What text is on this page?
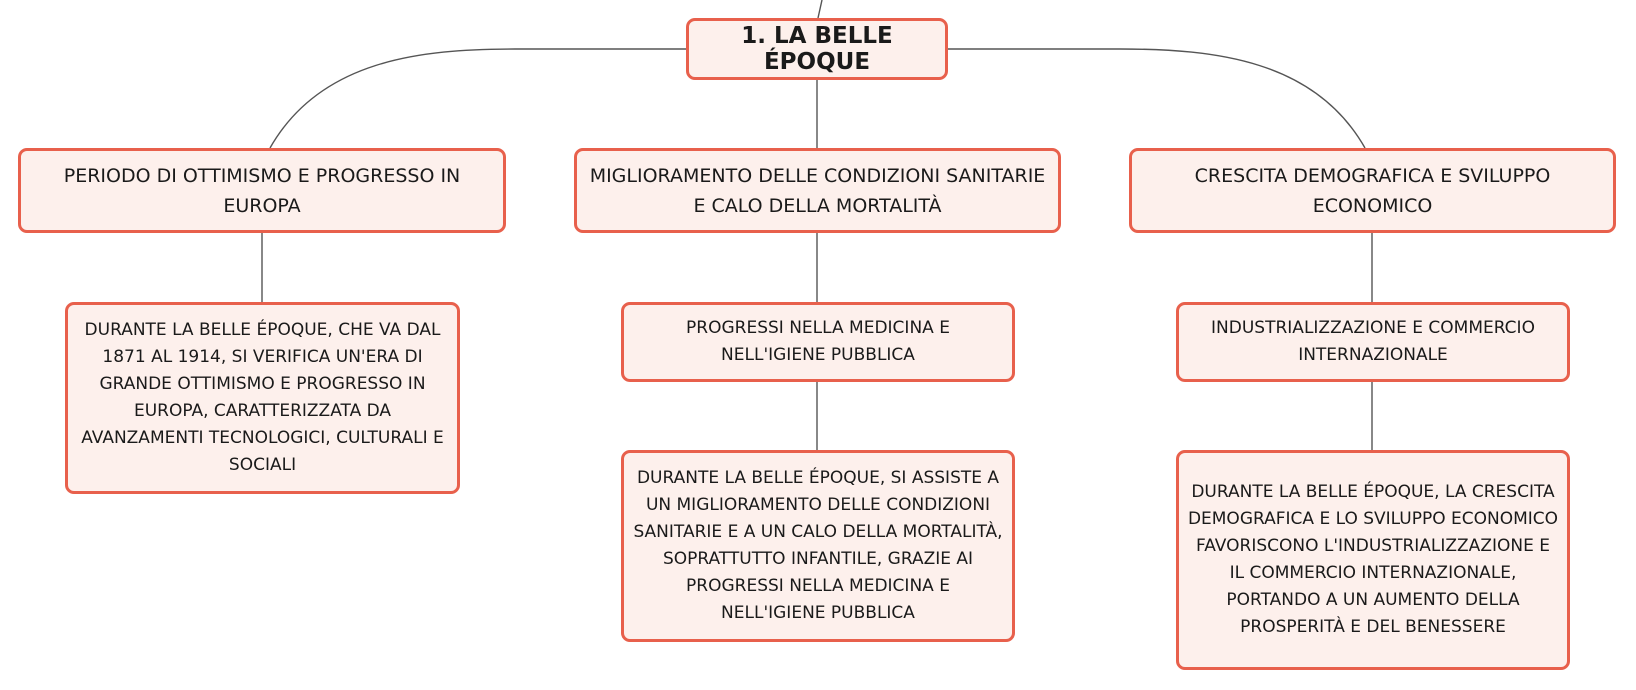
1. LA BELLE ÉPOQUE
PERIODO DI OTTIMISMO E PROGRESSO IN EUROPA
MIGLIORAMENTO DELLE CONDIZIONI SANITARIE E CALO DELLA MORTALITÀ
CRESCITA DEMOGRAFICA E SVILUPPO ECONOMICO
DURANTE LA BELLE ÉPOQUE, CHE VA DAL 1871 AL 1914, SI VERIFICA UN'ERA DI GRANDE OTTIMISMO E PROGRESSO IN EUROPA, CARATTERIZZATA DA AVANZAMENTI TECNOLOGICI, CULTURALI E SOCIALI
PROGRESSI NELLA MEDICINA E NELL'IGIENE PUBBLICA
DURANTE LA BELLE ÉPOQUE, SI ASSISTE A UN MIGLIORAMENTO DELLE CONDIZIONI SANITARIE E A UN CALO DELLA MORTALITÀ, SOPRATTUTTO INFANTILE, GRAZIE AI PROGRESSI NELLA MEDICINA E NELL'IGIENE PUBBLICA
INDUSTRIALIZZAZIONE E COMMERCIO INTERNAZIONALE
DURANTE LA BELLE ÉPOQUE, LA CRESCITA DEMOGRAFICA E LO SVILUPPO ECONOMICO FAVORISCONO L'INDUSTRIALIZZAZIONE E IL COMMERCIO INTERNAZIONALE, PORTANDO A UN AUMENTO DELLA PROSPERITÀ E DEL BENESSERE
